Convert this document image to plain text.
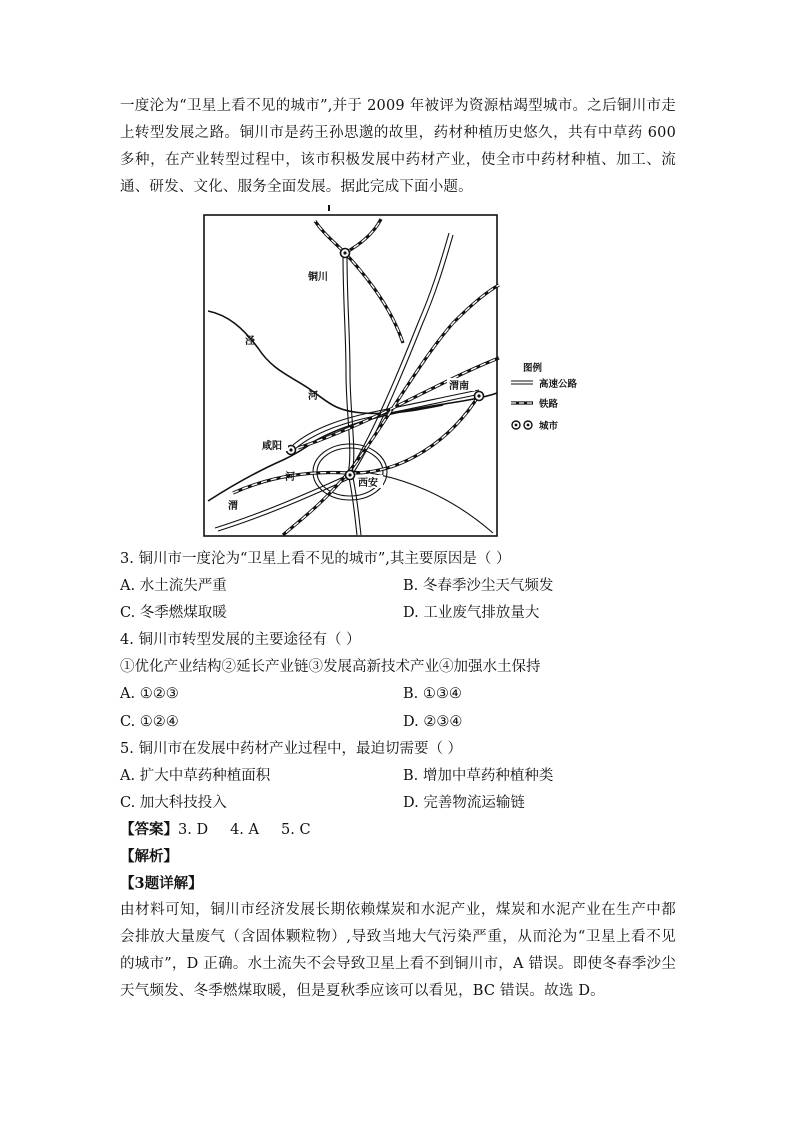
一度沦为“卫星上看不见的城市”,并于 2009 年被评为资源枯竭型城市。之后铜川市走上转型发展之路。铜川市是药王孙思邈的故里，药材种植历史悠久，共有中草药 600 多种，在产业转型过程中，该市积极发展中药材产业，使全市中药材种植、加工、流通、研发、文化、服务全面发展。据此完成下面小题。

铜川
渭南
咸阳
西安
泾
河
渭
河
图例
高速公路
铁路
城市
3. 铜川市一度沦为“卫星上看不见的城市”,其主要原因是（ ）
A. 水土流失严重	B. 冬春季沙尘天气频发
C. 冬季燃煤取暖	D. 工业废气排放量大
4. 铜川市转型发展的主要途径有（ ）
①优化产业结构②延长产业链③发展高新技术产业④加强水土保持
A. ①②③	B. ①③④
C. ①②④	D. ②③④
5. 铜川市在发展中药材产业过程中，最迫切需要（ ）
A. 扩大中草药种植面积	B. 增加中草药种植种类
C. 加大科技投入	D. 完善物流运输链
【答案】3. D 4. A 5. C
【解析】
【3题详解】

由材料可知，铜川市经济发展长期依赖煤炭和水泥产业，煤炭和水泥产业在生产中都会排放大量废气（含固体颗粒物）,导致当地大气污染严重，从而沦为“卫星上看不见的城市”，D 正确。水土流失不会导致卫星上看不到铜川市，A 错误。即使冬春季沙尘天气频发、冬季燃煤取暖，但是夏秋季应该可以看见，BC 错误。故选 D。
